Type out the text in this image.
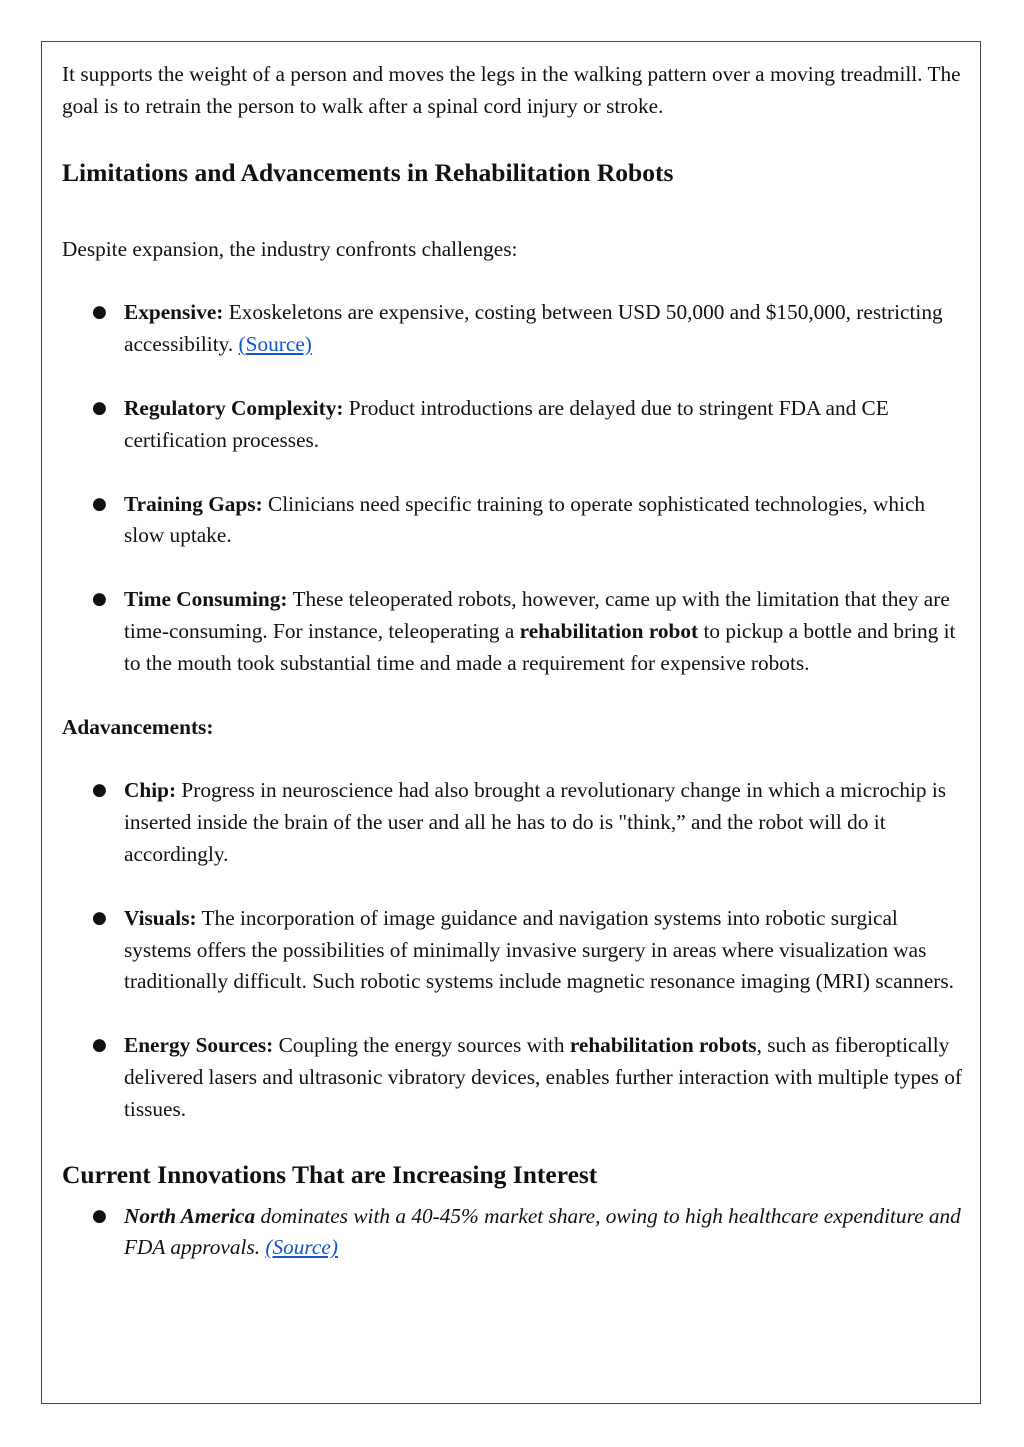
It supports the weight of a person and moves the legs in the walking pattern over a moving treadmill. The goal is to retrain the person to walk after a spinal cord injury or stroke.

Limitations and Advancements in Rehabilitation Robots

Despite expansion, the industry confronts challenges:

● Expensive: Exoskeletons are expensive, costing between USD 50,000 and $150,000, restricting accessibility. (Source)
● Regulatory Complexity: Product introductions are delayed due to stringent FDA and CE certification processes.
● Training Gaps: Clinicians need specific training to operate sophisticated technologies, which slow uptake.
● Time Consuming: These teleoperated robots, however, came up with the limitation that they are time-consuming. For instance, teleoperating a rehabilitation robot to pickup a bottle and bring it to the mouth took substantial time and made a requirement for expensive robots.

Adavancements:

● Chip: Progress in neuroscience had also brought a revolutionary change in which a microchip is inserted inside the brain of the user and all he has to do is "think,” and the robot will do it accordingly.
● Visuals: The incorporation of image guidance and navigation systems into robotic surgical systems offers the possibilities of minimally invasive surgery in areas where visualization was traditionally difficult. Such robotic systems include magnetic resonance imaging (MRI) scanners.
● Energy Sources: Coupling the energy sources with rehabilitation robots, such as fiberoptically delivered lasers and ultrasonic vibratory devices, enables further interaction with multiple types of tissues.
Current Innovations That are Increasing Interest
● North America dominates with a 40-45% market share, owing to high healthcare expenditure and FDA approvals. (Source)
